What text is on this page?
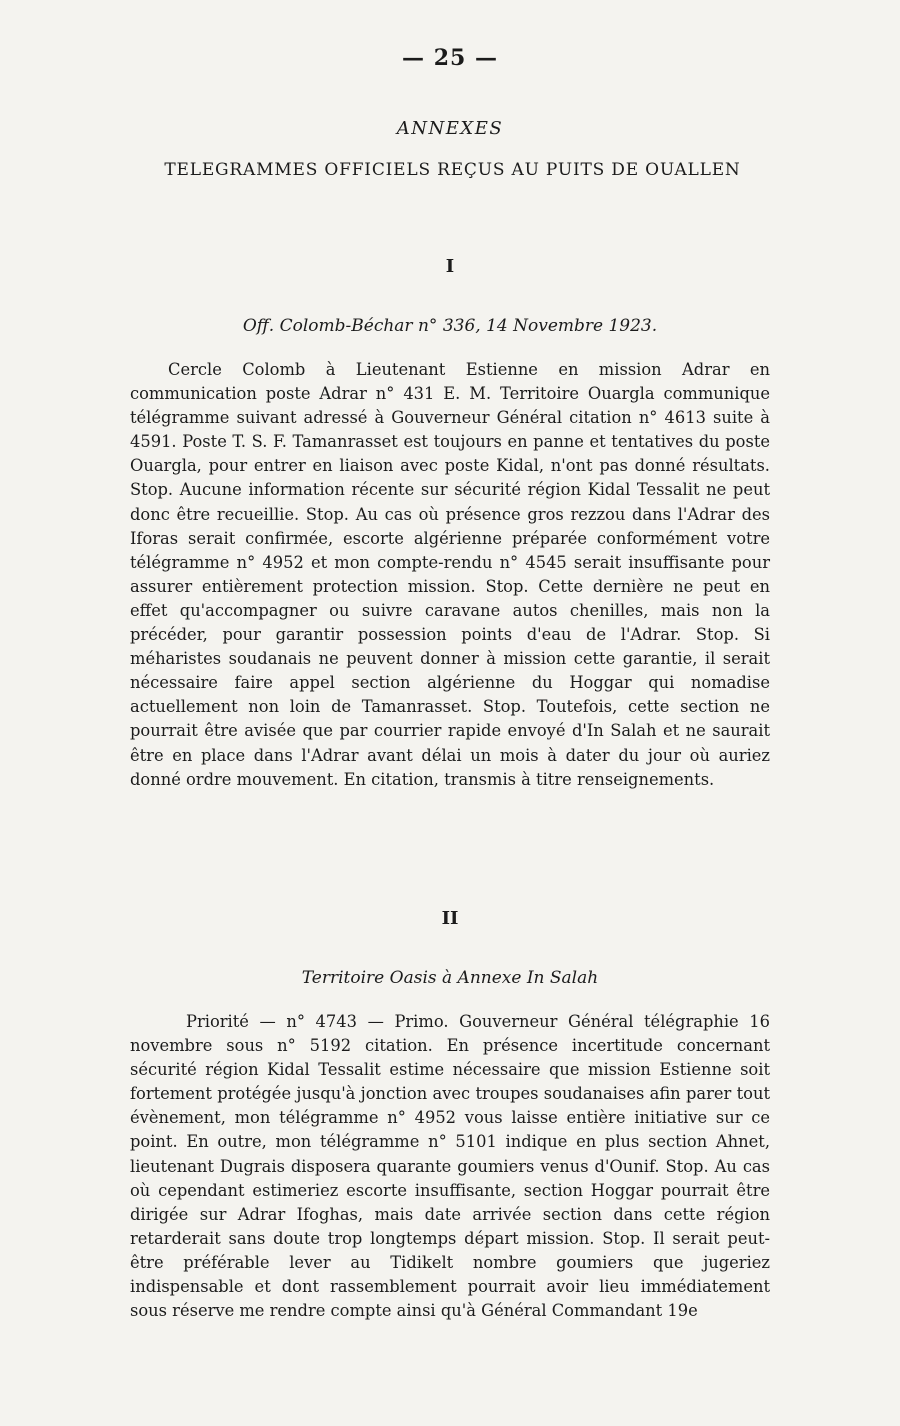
— 25 —
ANNEXES
TELEGRAMMES OFFICIELS REÇUS AU PUITS DE OUALLEN
I
Off. Colomb-Béchar n° 336, 14 Novembre 1923.

Cercle Colomb à Lieutenant Estienne en mission Adrar en communication poste Adrar n° 431 E. M. Territoire Ouargla communique télégramme suivant adressé à Gouverneur Général citation n° 4613 suite à 4591. Poste T. S. F. Tamanrasset est toujours en panne et tentatives du poste Ouargla, pour entrer en liaison avec poste Kidal, n'ont pas donné résultats. Stop. Aucune information récente sur sécurité région Kidal Tessalit ne peut donc être recueillie. Stop. Au cas où présence gros rezzou dans l'Adrar des Iforas serait confirmée, escorte algérienne préparée conformément votre télégramme n° 4952 et mon compte-rendu n° 4545 serait insuffisante pour assurer entièrement protection mission. Stop. Cette dernière ne peut en effet qu'accompagner ou suivre caravane autos chenilles, mais non la précéder, pour garantir possession points d'eau de l'Adrar. Stop. Si méharistes soudanais ne peuvent donner à mission cette garantie, il serait nécessaire faire appel section algérienne du Hoggar qui nomadise actuellement non loin de Tamanrasset. Stop. Toutefois, cette section ne pourrait être avisée que par courrier rapide envoyé d'In Salah et ne saurait être en place dans l'Adrar avant délai un mois à dater du jour où auriez donné ordre mouvement. En citation, transmis à titre renseignements.

II
Territoire Oasis à Annexe In Salah

Priorité — n° 4743 — Primo. Gouverneur Général télégraphie 16 novembre sous n° 5192 citation. En présence incertitude concernant sécurité région Kidal Tessalit estime nécessaire que mission Estienne soit fortement protégée jusqu'à jonction avec troupes soudanaises afin parer tout évènement, mon télégramme n° 4952 vous laisse entière initiative sur ce point. En outre, mon télégramme n° 5101 indique en plus section Ahnet, lieutenant Dugrais disposera quarante goumiers venus d'Ounif. Stop. Au cas où cependant estimeriez escorte insuffisante, section Hoggar pourrait être dirigée sur Adrar Ifoghas, mais date arrivée section dans cette région retarderait sans doute trop longtemps départ mission. Stop. Il serait peut-être préférable lever au Tidikelt nombre goumiers que jugeriez indispensable et dont rassemblement pourrait avoir lieu immédiatement sous réserve me rendre compte ainsi qu'à Général Commandant 19e
